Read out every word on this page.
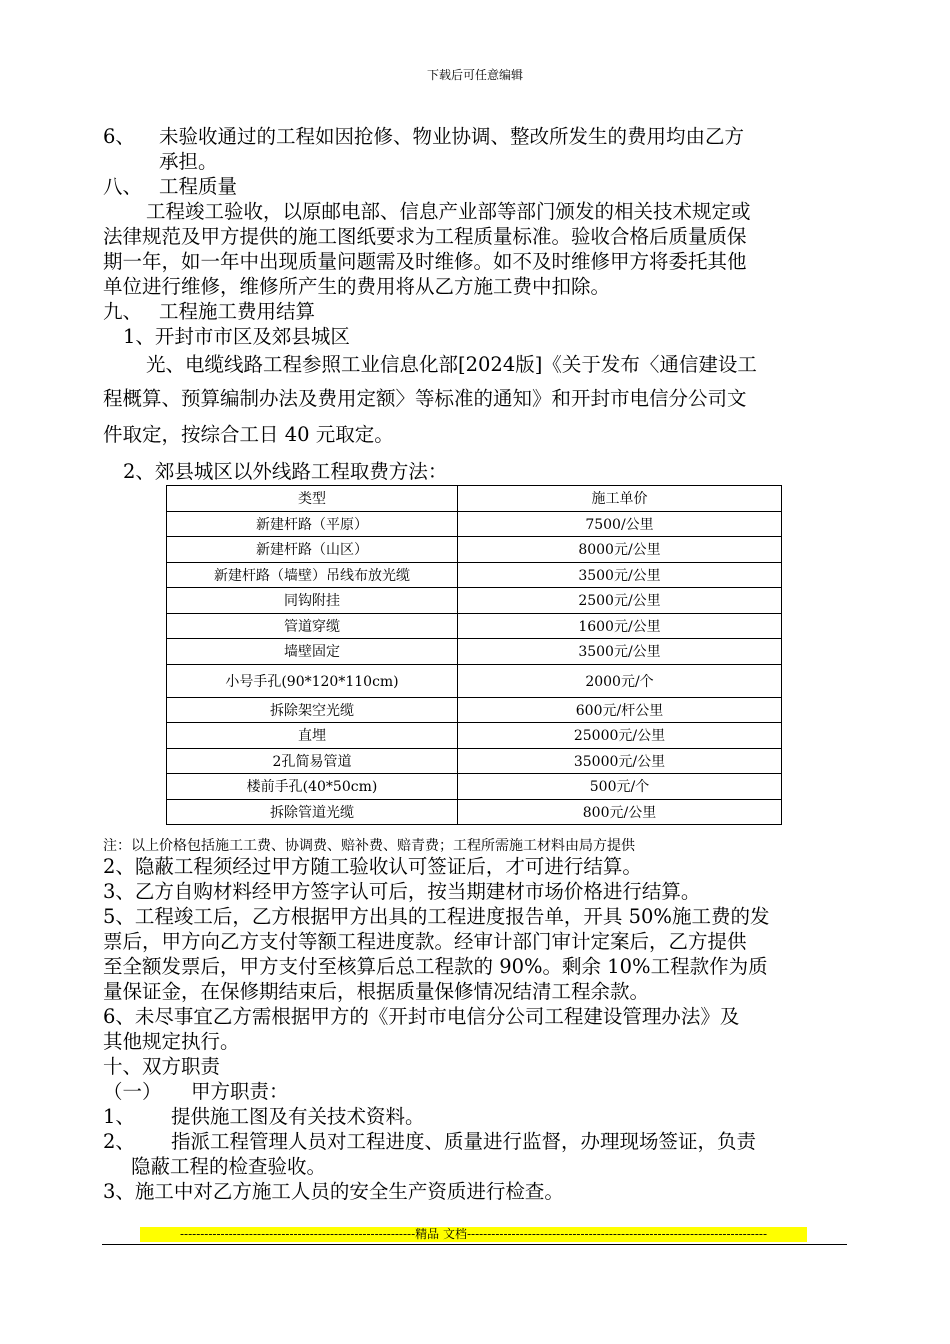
下载后可任意编辑
6、 未验收通过的工程如因抢修、物业协调、整改所发生的费用均由乙方
承担。
八、 工程质量
工程竣工验收，以原邮电部、信息产业部等部门颁发的相关技术规定或
法律规范及甲方提供的施工图纸要求为工程质量标准。验收合格后质量质保
期一年，如一年中出现质量问题需及时维修。如不及时维修甲方将委托其他
单位进行维修，维修所产生的费用将从乙方施工费中扣除。
九、 工程施工费用结算
1、开封市市区及郊县城区
光、电缆线路工程参照工业信息化部[2024版]《关于发布〈通信建设工
程概算、预算编制办法及费用定额〉等标准的通知》和开封市电信分公司文
件取定，按综合工日 40 元取定。
2、郊县城区以外线路工程取费方法：
类型	施工单价
新建杆路（平原）	7500/公里
新建杆路（山区）	8000元/公里
新建杆路（墙壁）吊线布放光缆	3500元/公里
同钩附挂	2500元/公里
管道穿缆	1600元/公里
墙壁固定	3500元/公里
小号手孔(90*120*110cm)	2000元/个
拆除架空光缆	600元/杆公里
直埋	25000元/公里
2孔简易管道	35000元/公里
楼前手孔(40*50cm)	500元/个
拆除管道光缆	800元/公里
注：以上价格包括施工工费、协调费、赔补费、赔青费；工程所需施工材料由局方提供
2、隐蔽工程须经过甲方随工验收认可签证后，才可进行结算。
3、乙方自购材料经甲方签字认可后，按当期建材市场价格进行结算。
5、工程竣工后，乙方根据甲方出具的工程进度报告单，开具 50%施工费的发
票后，甲方向乙方支付等额工程进度款。经审计部门审计定案后，乙方提供
至全额发票后，甲方支付至核算后总工程款的 90%。剩余 10%工程款作为质
量保证金，在保修期结束后，根据质量保修情况结清工程余款。
6、未尽事宜乙方需根据甲方的《开封市电信分公司工程建设管理办法》及
其他规定执行。
十、双方职责
（一） 甲方职责：
1、 提供施工图及有关技术资料。
2、 指派工程管理人员对工程进度、质量进行监督，办理现场签证，负责
隐蔽工程的检查验收。
3、施工中对乙方施工人员的安全生产资质进行检查。
----------------------------------------------------------精品 文档--------------------------------------------------------------------------
